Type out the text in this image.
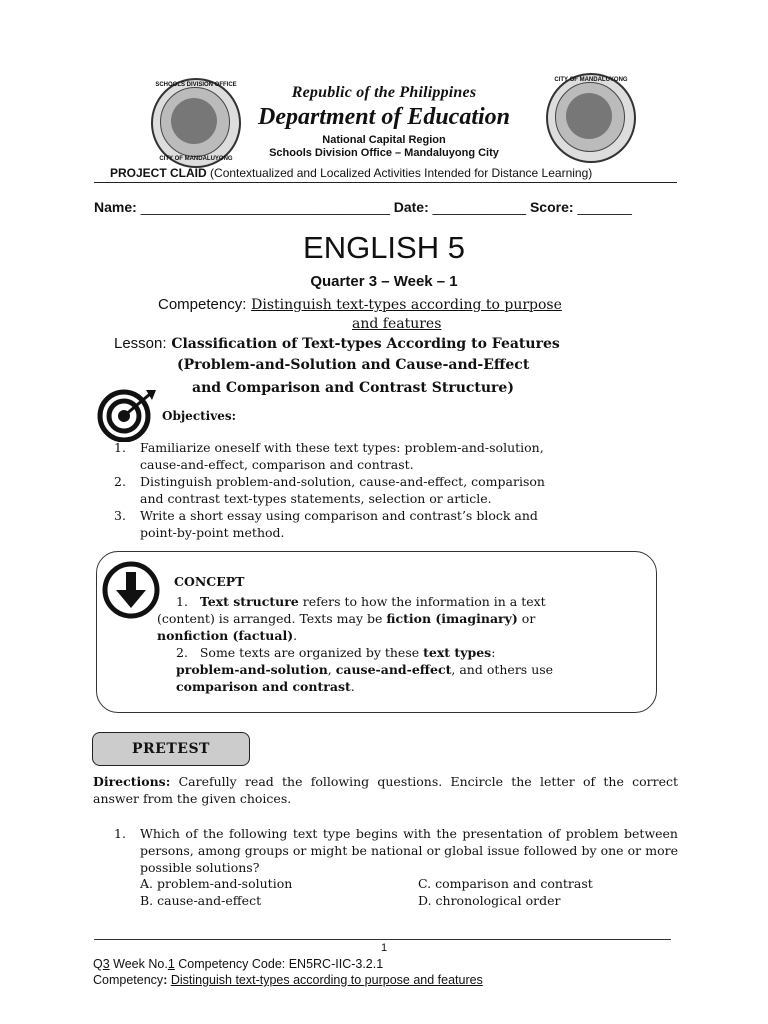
SCHOOLS DIVISION OFFICE
CITY OF MANDALUYONG
CITY OF MANDALUYONG
Republic of the Philippines
Department of Education
National Capital Region
Schools Division Office – Mandaluyong City
PROJECT CLAID (Contextualized and Localized Activities Intended for Distance Learning)
Name: ________________________________ Date: ____________ Score: _______
ENGLISH 5
Quarter 3 – Week – 1
Competency: Distinguish text-types according to purpose
and features
Lesson: Classification of Text-types According to Features
(Problem-and-Solution and Cause-and-Effect
and Comparison and Contrast Structure)
Objectives:
1. Familiarize oneself with these text types: problem-and-solution,
cause-and-effect, comparison and contrast.
2. Distinguish problem-and-solution, cause-and-effect, comparison
and contrast text-types statements, selection or article.
3. Write a short essay using comparison and contrast’s block and
point-by-point method.
CONCEPT
1. Text structure refers to how the information in a text
(content) is arranged. Texts may be fiction (imaginary) or
nonfiction (factual).
2. Some texts are organized by these text types:
problem-and-solution, cause-and-effect, and others use
comparison and contrast.
PRETEST
Directions: Carefully read the following questions. Encircle the letter of the correct answer from the given choices.
1. Which of the following text type begins with the presentation of problem between persons, among groups or might be national or global issue followed by one or more possible solutions?
A. problem-and-solution	C. comparison and contrast
B. cause-and-effect	D. chronological order
1
Q3 Week No.1 Competency Code: EN5RC-IIC-3.2.1
Competency: Distinguish text-types according to purpose and features
